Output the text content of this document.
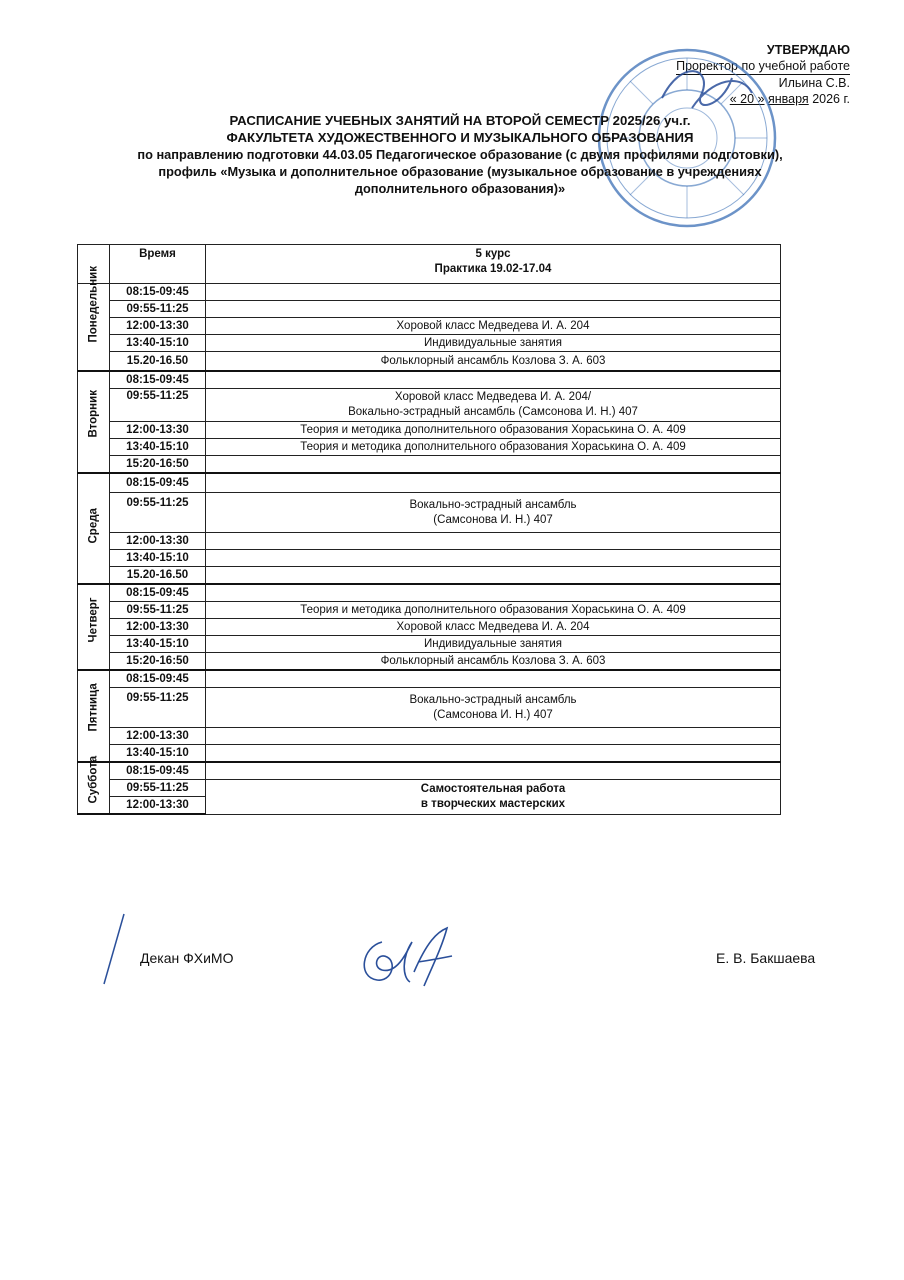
УТВЕРЖДАЮ
Проректор по учебной работе
Ильина С.В.
« 20 » января 2026 г.
РАСПИСАНИЕ УЧЕБНЫХ ЗАНЯТИЙ НА ВТОРОЙ СЕМЕСТР 2025/26 уч.г.
ФАКУЛЬТЕТА ХУДОЖЕСТВЕННОГО И МУЗЫКАЛЬНОГО ОБРАЗОВАНИЯ
по направлению подготовки 44.03.05 Педагогическое образование (с двумя профилями подготовки),
профиль «Музыка и дополнительное образование (музыкальное образование в учреждениях
дополнительного образования)»
	Время	5 курс
Практика 19.02-17.04

Понедельник	08:15-09:45	
	09:55-11:25	
	12:00-13:30	Хоровой класс Медведева И. А. 204
	13:40-15:10	Индивидуальные занятия
	15.20-16.50	Фольклорный ансамбль Козлова З. А. 603

Вторник	08:15-09:45	
	09:55-11:25	Хоровой класс Медведева И. А. 204/
Вокально-эстрадный ансамбль (Самсонова И. Н.) 407

	12:00-13:30	Теория и методика дополнительного образования Хораськина О. А. 409
	13:40-15:10	Теория и методика дополнительного образования Хораськина О. А. 409
	15:20-16:50	

Среда	08:15-09:45	
	09:55-11:25	Вокально-эстрадный ансамбль
(Самсонова И. Н.) 407

	12:00-13:30	
	13:40-15:10	
	15.20-16.50	

Четверг	08:15-09:45	
	09:55-11:25	Теория и методика дополнительного образования Хораськина О. А. 409
	12:00-13:30	Хоровой класс Медведева И. А. 204
	13:40-15:10	Индивидуальные занятия
	15:20-16:50	Фольклорный ансамбль Козлова З. А. 603

Пятница	08:15-09:45	
	09:55-11:25	Вокально-эстрадный ансамбль
(Самсонова И. Н.) 407

	12:00-13:30	
	13:40-15:10	

Суббота	08:15-09:45	
	09:55-11:25	Самостоятельная работа
в творческих мастерских

	12:00-13:30	
Декан ФХиМО	Е. В. Бакшаева
